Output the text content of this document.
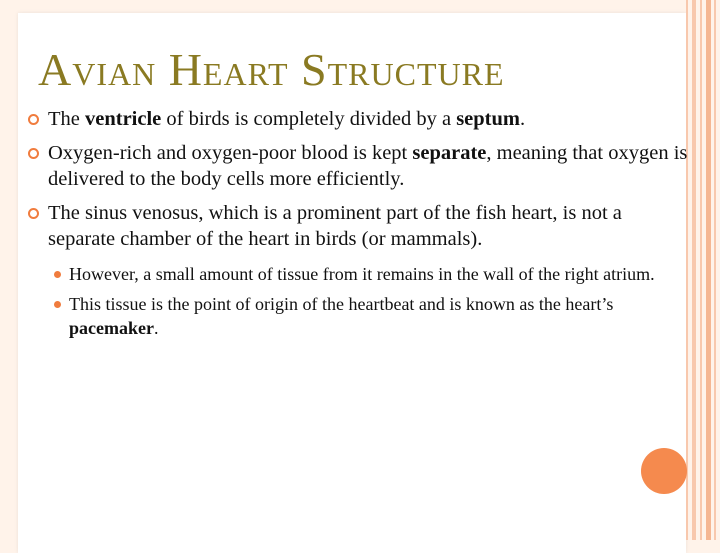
Avian Heart Structure
The ventricle of birds is completely divided by a septum.
Oxygen-rich and oxygen-poor blood is kept separate, meaning that oxygen is delivered to the body cells more efficiently.
The sinus venosus, which is a prominent part of the fish heart, is not a separate chamber of the heart in birds (or mammals).
However, a small amount of tissue from it remains in the wall of the right atrium.
This tissue is the point of origin of the heartbeat and is known as the heart’s pacemaker.
